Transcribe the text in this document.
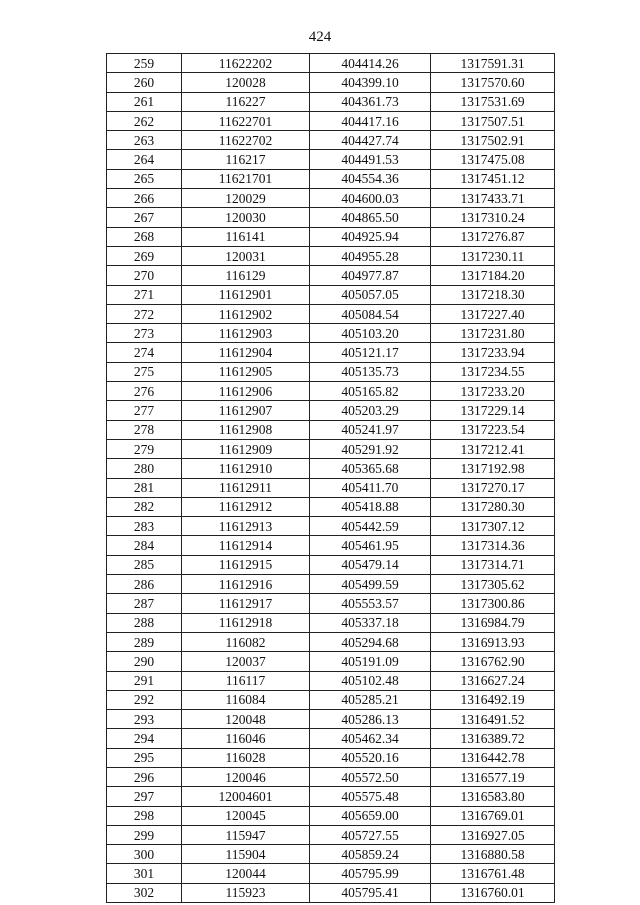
424
259	11622202	404414.26	1317591.31
260	120028	404399.10	1317570.60
261	116227	404361.73	1317531.69
262	11622701	404417.16	1317507.51
263	11622702	404427.74	1317502.91
264	116217	404491.53	1317475.08
265	11621701	404554.36	1317451.12
266	120029	404600.03	1317433.71
267	120030	404865.50	1317310.24
268	116141	404925.94	1317276.87
269	120031	404955.28	1317230.11
270	116129	404977.87	1317184.20
271	11612901	405057.05	1317218.30
272	11612902	405084.54	1317227.40
273	11612903	405103.20	1317231.80
274	11612904	405121.17	1317233.94
275	11612905	405135.73	1317234.55
276	11612906	405165.82	1317233.20
277	11612907	405203.29	1317229.14
278	11612908	405241.97	1317223.54
279	11612909	405291.92	1317212.41
280	11612910	405365.68	1317192.98
281	11612911	405411.70	1317270.17
282	11612912	405418.88	1317280.30
283	11612913	405442.59	1317307.12
284	11612914	405461.95	1317314.36
285	11612915	405479.14	1317314.71
286	11612916	405499.59	1317305.62
287	11612917	405553.57	1317300.86
288	11612918	405337.18	1316984.79
289	116082	405294.68	1316913.93
290	120037	405191.09	1316762.90
291	116117	405102.48	1316627.24
292	116084	405285.21	1316492.19
293	120048	405286.13	1316491.52
294	116046	405462.34	1316389.72
295	116028	405520.16	1316442.78
296	120046	405572.50	1316577.19
297	12004601	405575.48	1316583.80
298	120045	405659.00	1316769.01
299	115947	405727.55	1316927.05
300	115904	405859.24	1316880.58
301	120044	405795.99	1316761.48
302	115923	405795.41	1316760.01
